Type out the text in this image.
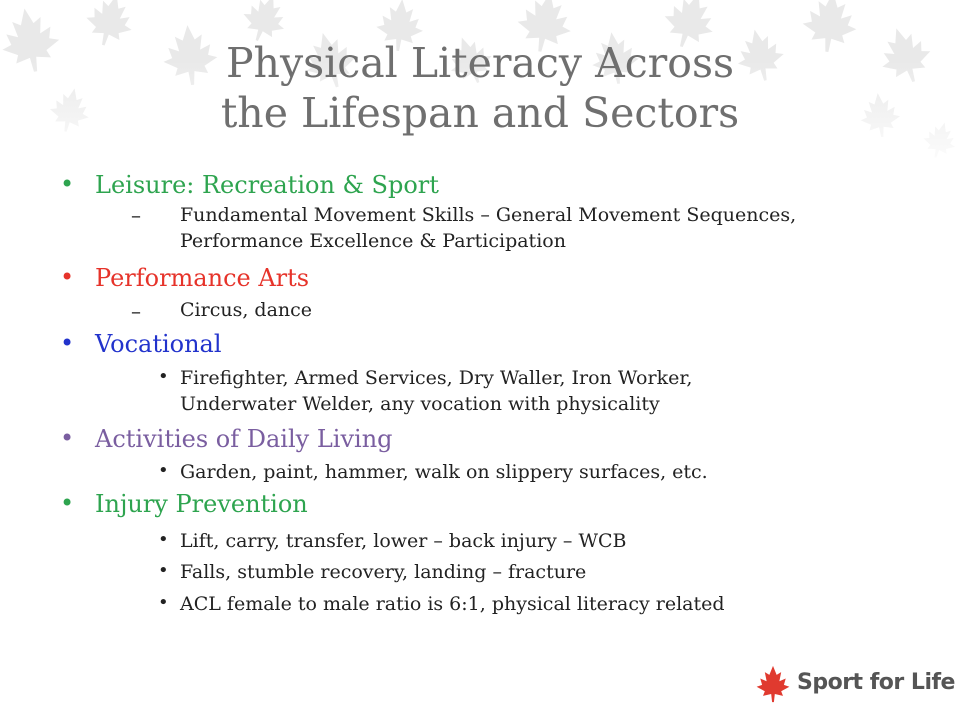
Physical Literacy Across
the Lifespan and Sectors
• Leisure: Recreation & Sport
– Fundamental Movement Skills – General Movement Sequences,
Performance Excellence & Participation
• Performance Arts
– Circus, dance
• Vocational
• Firefighter, Armed Services, Dry Waller, Iron Worker,
Underwater Welder, any vocation with physicality
• Activities of Daily Living
• Garden, paint, hammer, walk on slippery surfaces, etc.
• Injury Prevention
• Lift, carry, transfer, lower – back injury – WCB
• Falls, stumble recovery, landing – fracture
• ACL female to male ratio is 6:1, physical literacy related
Sport for Life
